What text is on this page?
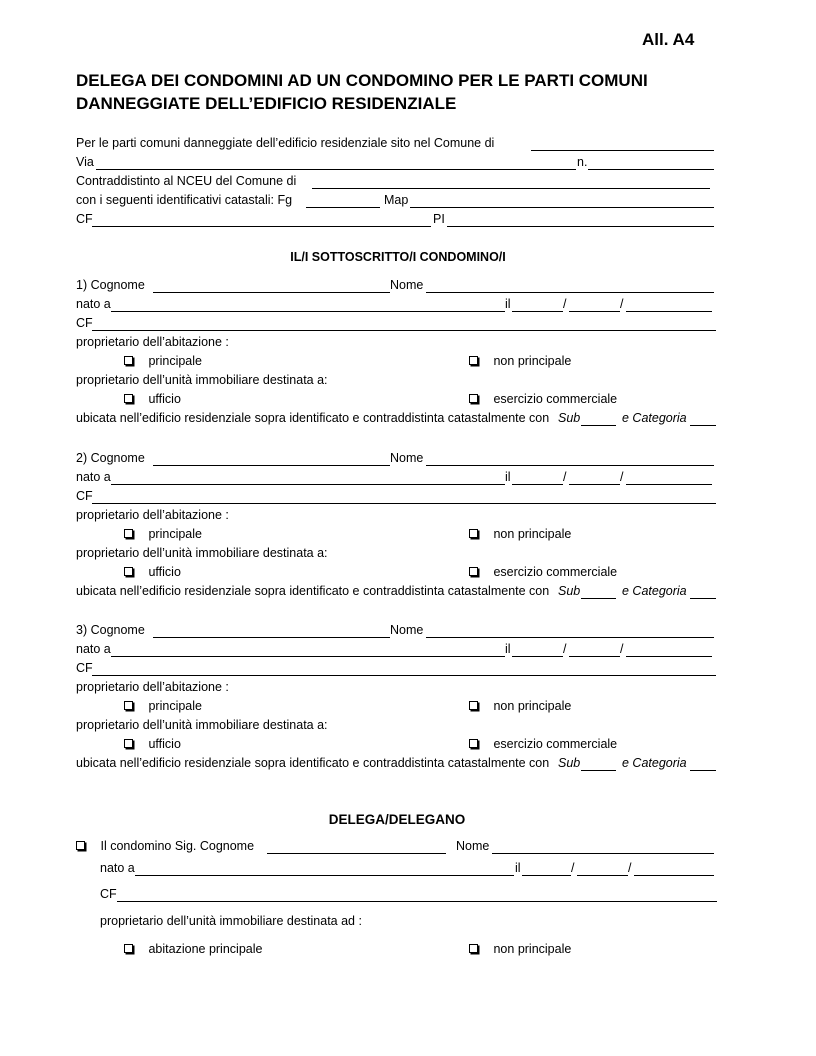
All. A4
DELEGA DEI CONDOMINI AD UN CONDOMINO PER LE PARTI COMUNI
DANNEGGIATE DELL’EDIFICIO RESIDENZIALE
Per le parti comuni danneggiate dell’edificio residenziale sito nel Comune di
Via	n.
Contraddistinto al NCEU del Comune di
con i seguenti identificativi catastali: Fg	Map
CF	PI
IL/I SOTTOSCRITTO/I CONDOMINO/I
1) Cognome	Nome
nato a	il	/	/
CF
proprietario dell’abitazione :
principale	non principale
proprietario dell’unità immobiliare destinata a:
ufficio	esercizio commerciale
ubicata nell’edificio residenziale sopra identificato e contraddistinta catastalmente con Sub	e Categoria
2) Cognome	Nome
nato a	il	/	/
CF
proprietario dell’abitazione :
principale	non principale
proprietario dell’unità immobiliare destinata a:
ufficio	esercizio commerciale
ubicata nell’edificio residenziale sopra identificato e contraddistinta catastalmente con Sub	e Categoria
3) Cognome	Nome
nato a	il	/	/
CF
proprietario dell’abitazione :
principale	non principale
proprietario dell’unità immobiliare destinata a:
ufficio	esercizio commerciale
ubicata nell’edificio residenziale sopra identificato e contraddistinta catastalmente con Sub	e Categoria
DELEGA/DELEGANO
Il condomino Sig. Cognome	Nome
nato a	il	/	/
CF
proprietario dell’unità immobiliare destinata ad :
abitazione principale	non principale
